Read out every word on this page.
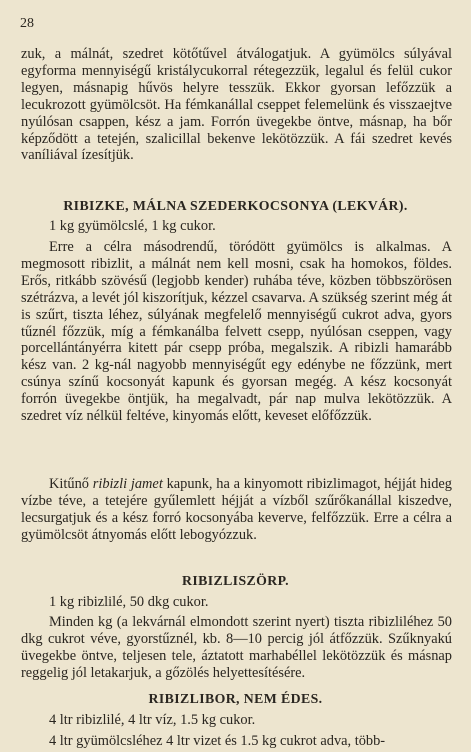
28

zuk, a málnát, szedret kötőtűvel átválogatjuk. A gyümölcs súlyával egyforma mennyiségű kristálycukorral rétegezzük, legalul és felül cukor legyen, másnapig hűvös helyre tesszük. Ekkor gyorsan lefőzzük a lecukrozott gyümölcsöt. Ha fémkanállal cseppet felemelünk és visszaejtve nyúlósan csappen, kész a jam. Forrón üvegekbe öntve, másnap, ha bőr képződött a tetején, szalicillal bekenve lekötözzük. A fái szedret kevés vaníliával ízesítjük.

RIBIZKE, MÁLNA SZEDERKOCSONYA (LEKVÁR).

1 kg gyümölcslé, 1 kg cukor.

Erre a célra másodrendű, töródött gyümölcs is alkalmas. A megmosott ribizlit, a málnát nem kell mosni, csak ha homokos, földes. Erős, ritkább szövésű (legjobb kender) ruhába téve, közben többszörösen szétrázva, a levét jól kiszorítjuk, kézzel csavarva. A szükség szerint még át is szűrt, tiszta léhez, súlyának megfelelő mennyiségű cukrot adva, gyors tűznél főzzük, míg a fémkanálba felvett csepp, nyúlósan cseppen, vagy porcellántányérra kitett pár csepp próba, megalszik. A ribizli hamarább kész van. 2 kg-nál nagyobb mennyiségűt egy edénybe ne főzzünk, mert csúnya színű kocsonyát kapunk és gyorsan megég. A kész kocsonyát forrón üvegekbe öntjük, ha megalvadt, pár nap mulva lekötözzük. A szedret víz nélkül feltéve, kinyomás előtt, keveset előfőzzük.

Kitűnő ribizli jamet kapunk, ha a kinyomott ribizlimagot, héjját hideg vízbe téve, a tetejére gyűlemlett héjját a vízből szűrőkanállal kiszedve, lecsurgatjuk és a kész forró kocsonyába keverve, felfőzzük. Erre a célra a gyümölcsöt átnyomás előtt lebogyózzuk.

RIBIZLISZÖRP.

1 kg ribizlilé, 50 dkg cukor.

Minden kg (a lekvárnál elmondott szerint nyert) tiszta ribizliléhez 50 dkg cukrot véve, gyorstűznél, kb. 8—10 percig jól átfőzzük. Szűknyakú üvegekbe öntve, teljesen tele, áztatott marhabéllel lekötözzük és másnap reggelig jól letakarjuk, a gőzölés helyettesítésére.

RIBIZLIBOR, NEM ÉDES.

4 ltr ribizlilé, 4 ltr víz, 1.5 kg cukor.

4 ltr gyümölcsléhez 4 ltr vizet és 1.5 kg cukrot adva, több-
